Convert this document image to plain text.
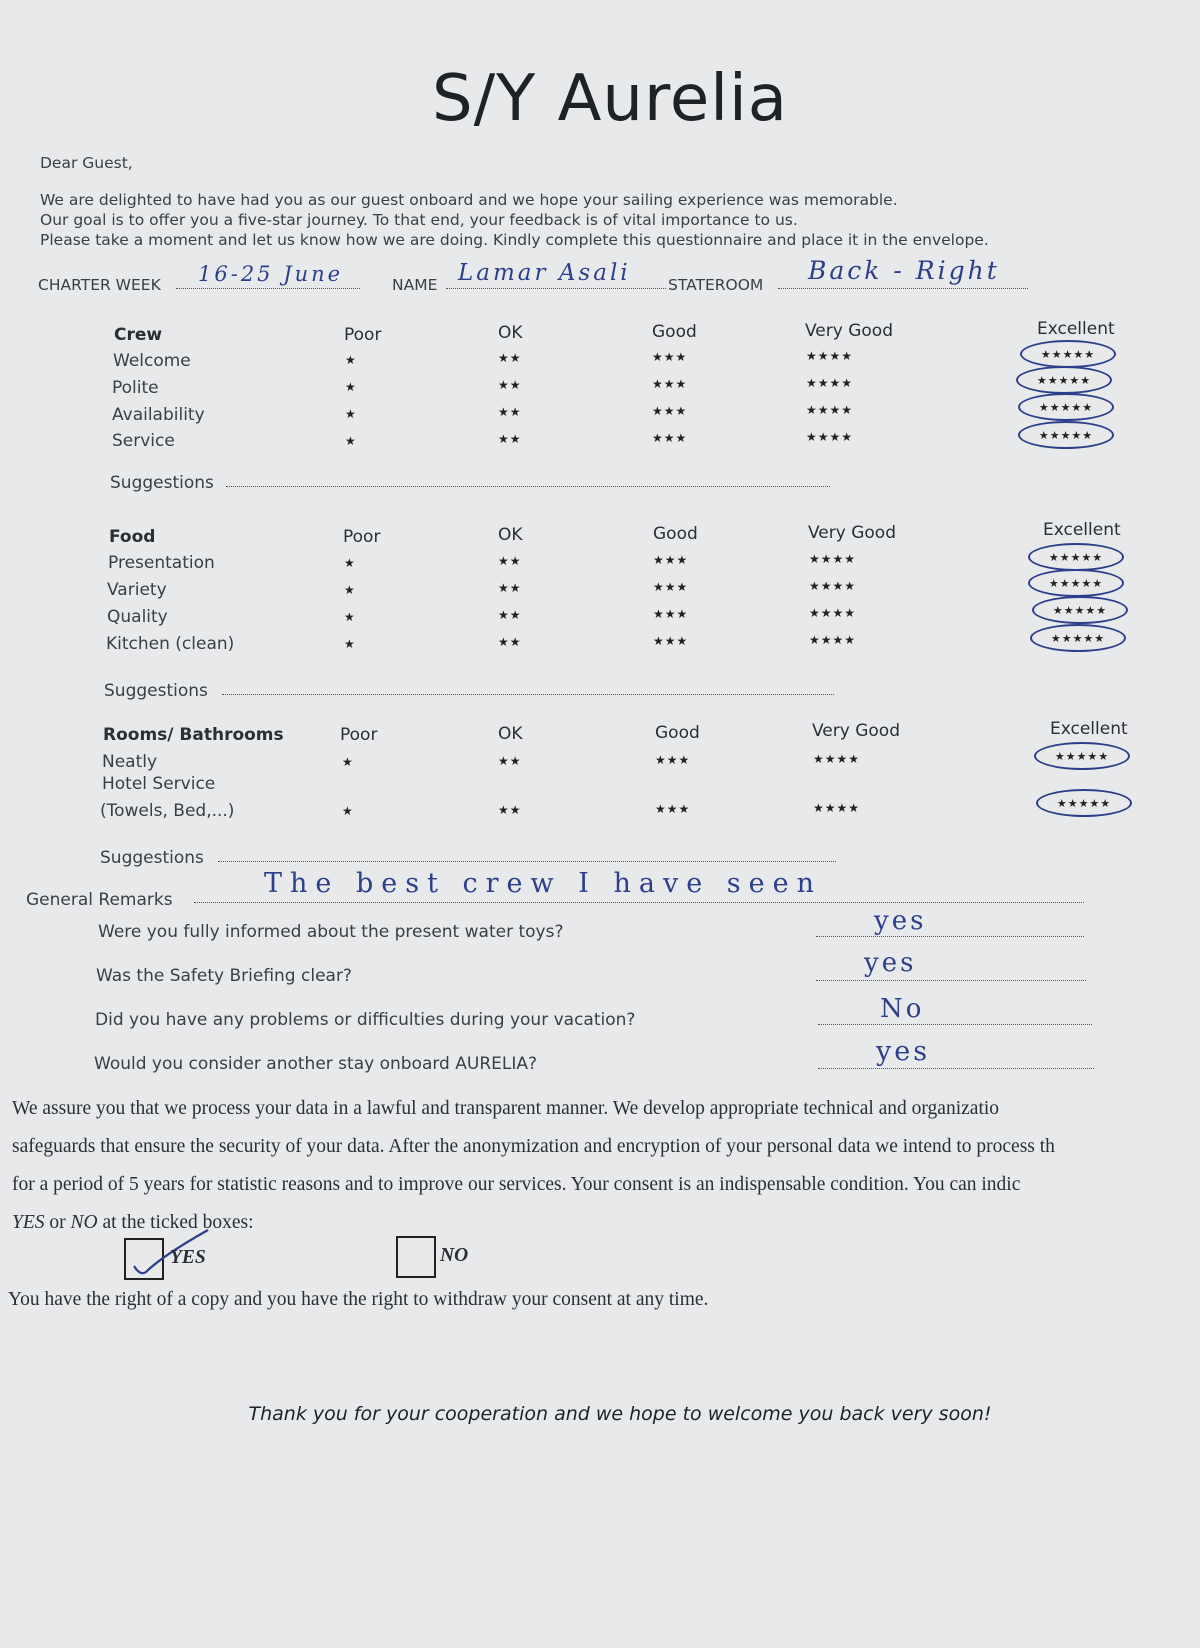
S/Y Aurelia
Dear Guest,
We are delighted to have had you as our guest onboard and we hope your sailing experience was memorable.
Our goal is to offer you a five-star journey. To that end, your feedback is of vital importance to us.
Please take a moment and let us know how we are doing. Kindly complete this questionnaire and place it in the envelope.
CHARTER WEEK 16-25 June	NAME Lamar Asali STATEROOM Back - Right
Crew	Poor	OK	Good	Very Good	Excellent
Welcome	★	★★	★★★	★★★★	★★★★★
Polite	★	★★	★★★	★★★★	★★★★★
Availability	★	★★	★★★	★★★★	★★★★★
Service	★	★★	★★★	★★★★	★★★★★
Suggestions
Food	Poor	OK	Good	Very Good	Excellent
Presentation	★	★★	★★★	★★★★	★★★★★
Variety	★	★★	★★★	★★★★	★★★★★
Quality	★	★★	★★★	★★★★	★★★★★
Kitchen (clean)	★	★★	★★★	★★★★	★★★★★
Suggestions
Rooms/ Bathrooms	Poor	OK	Good	Very Good	Excellent
Neatly	★	★★	★★★	★★★★	★★★★★
Hotel Service
(Towels, Bed,...)	★	★★	★★★	★★★★	★★★★★
Suggestions
General Remarks
The best crew I have seen
Were you fully informed about the present water toys?	yes
Was the Safety Briefing clear?	yes
Did you have any problems or difficulties during your vacation?	No
Would you consider another stay onboard AURELIA?	yes
We assure you that we process your data in a lawful and transparent manner. We develop appropriate technical and organizatio
safeguards that ensure the security of your data. After the anonymization and encryption of your personal data we intend to process th
for a period of 5 years for statistic reasons and to improve our services. Your consent is an indispensable condition. You can indic
YES or NO at the ticked boxes:
YES	NO
You have the right of a copy and you have the right to withdraw your consent at any time.
Thank you for your cooperation and we hope to welcome you back very soon!
